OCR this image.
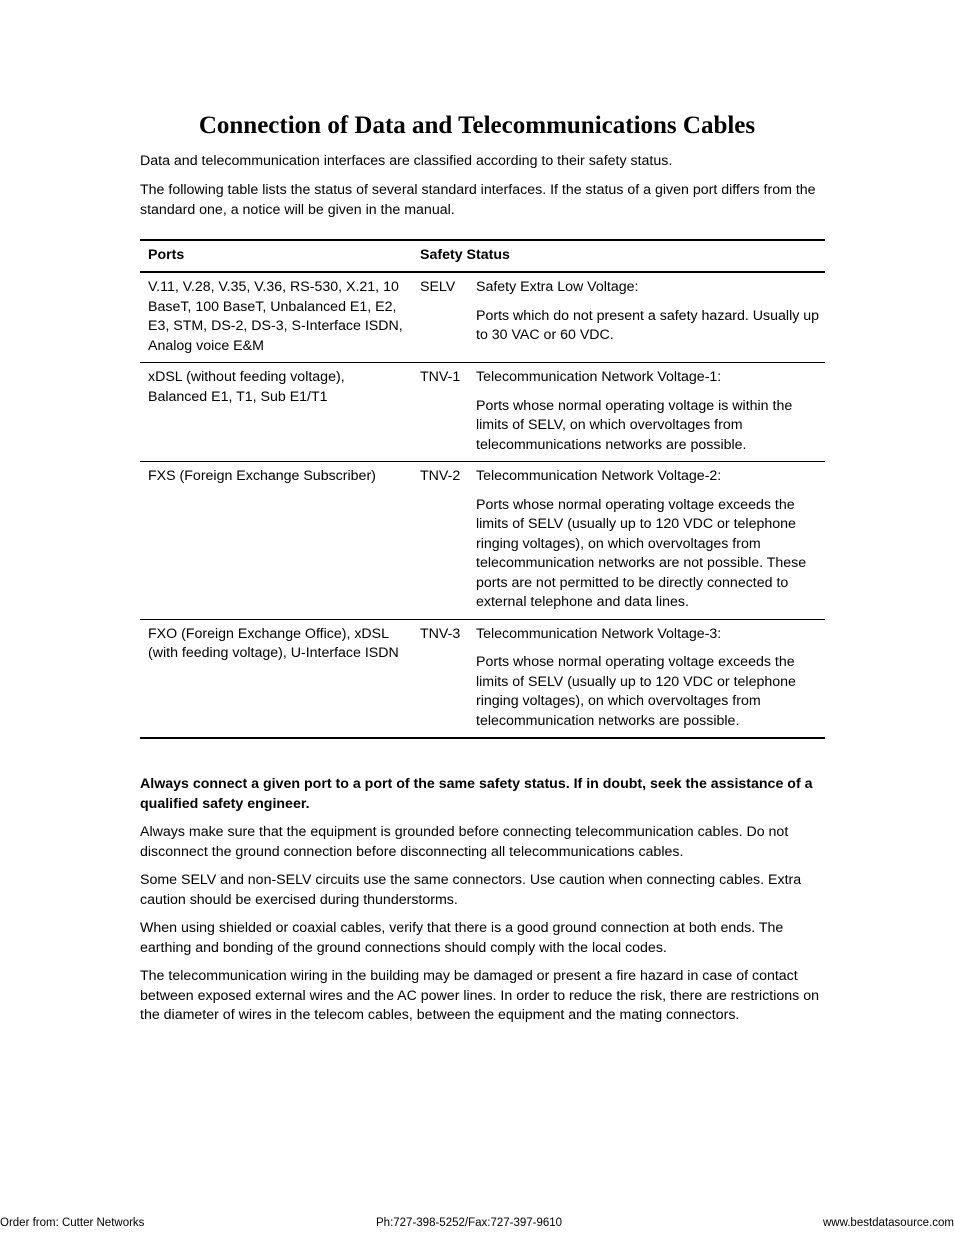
Connection of Data and Telecommunications Cables

Data and telecommunication interfaces are classified according to their safety status.

The following table lists the status of several standard interfaces. If the status of a given port differs from the standard one, a notice will be given in the manual.

Ports	Safety Status	
V.11, V.28, V.35, V.36, RS-530, X.21, 10 BaseT, 100 BaseT, Unbalanced E1, E2, E3, STM, DS-2, DS-3, S-Interface ISDN, Analog voice E&M	SELV	Safety Extra Low Voltage:

Ports which do not present a safety hazard. Usually up to 30 VAC or 60 VDC.

xDSL (without feeding voltage), Balanced E1, T1, Sub E1/T1	TNV-1	Telecommunication Network Voltage-1:

Ports whose normal operating voltage is within the limits of SELV, on which overvoltages from telecommunications networks are possible.

FXS (Foreign Exchange Subscriber)	TNV-2	Telecommunication Network Voltage-2:

Ports whose normal operating voltage exceeds the limits of SELV (usually up to 120 VDC or telephone ringing voltages), on which overvoltages from telecommunication networks are not possible. These ports are not permitted to be directly connected to external telephone and data lines.

FXO (Foreign Exchange Office), xDSL (with feeding voltage), U-Interface ISDN	TNV-3	Telecommunication Network Voltage-3:

Ports whose normal operating voltage exceeds the limits of SELV (usually up to 120 VDC or telephone ringing voltages), on which overvoltages from telecommunication networks are possible.

Always connect a given port to a port of the same safety status. If in doubt, seek the assistance of a qualified safety engineer.

Always make sure that the equipment is grounded before connecting telecommunication cables. Do not disconnect the ground connection before disconnecting all telecommunications cables.

Some SELV and non-SELV circuits use the same connectors. Use caution when connecting cables. Extra caution should be exercised during thunderstorms.

When using shielded or coaxial cables, verify that there is a good ground connection at both ends. The earthing and bonding of the ground connections should comply with the local codes.

The telecommunication wiring in the building may be damaged or present a fire hazard in case of contact between exposed external wires and the AC power lines. In order to reduce the risk, there are restrictions on the diameter of wires in the telecom cables, between the equipment and the mating connectors.

Order from: Cutter Networks	Ph:727-398-5252/Fax:727-397-9610	www.bestdatasource.com
